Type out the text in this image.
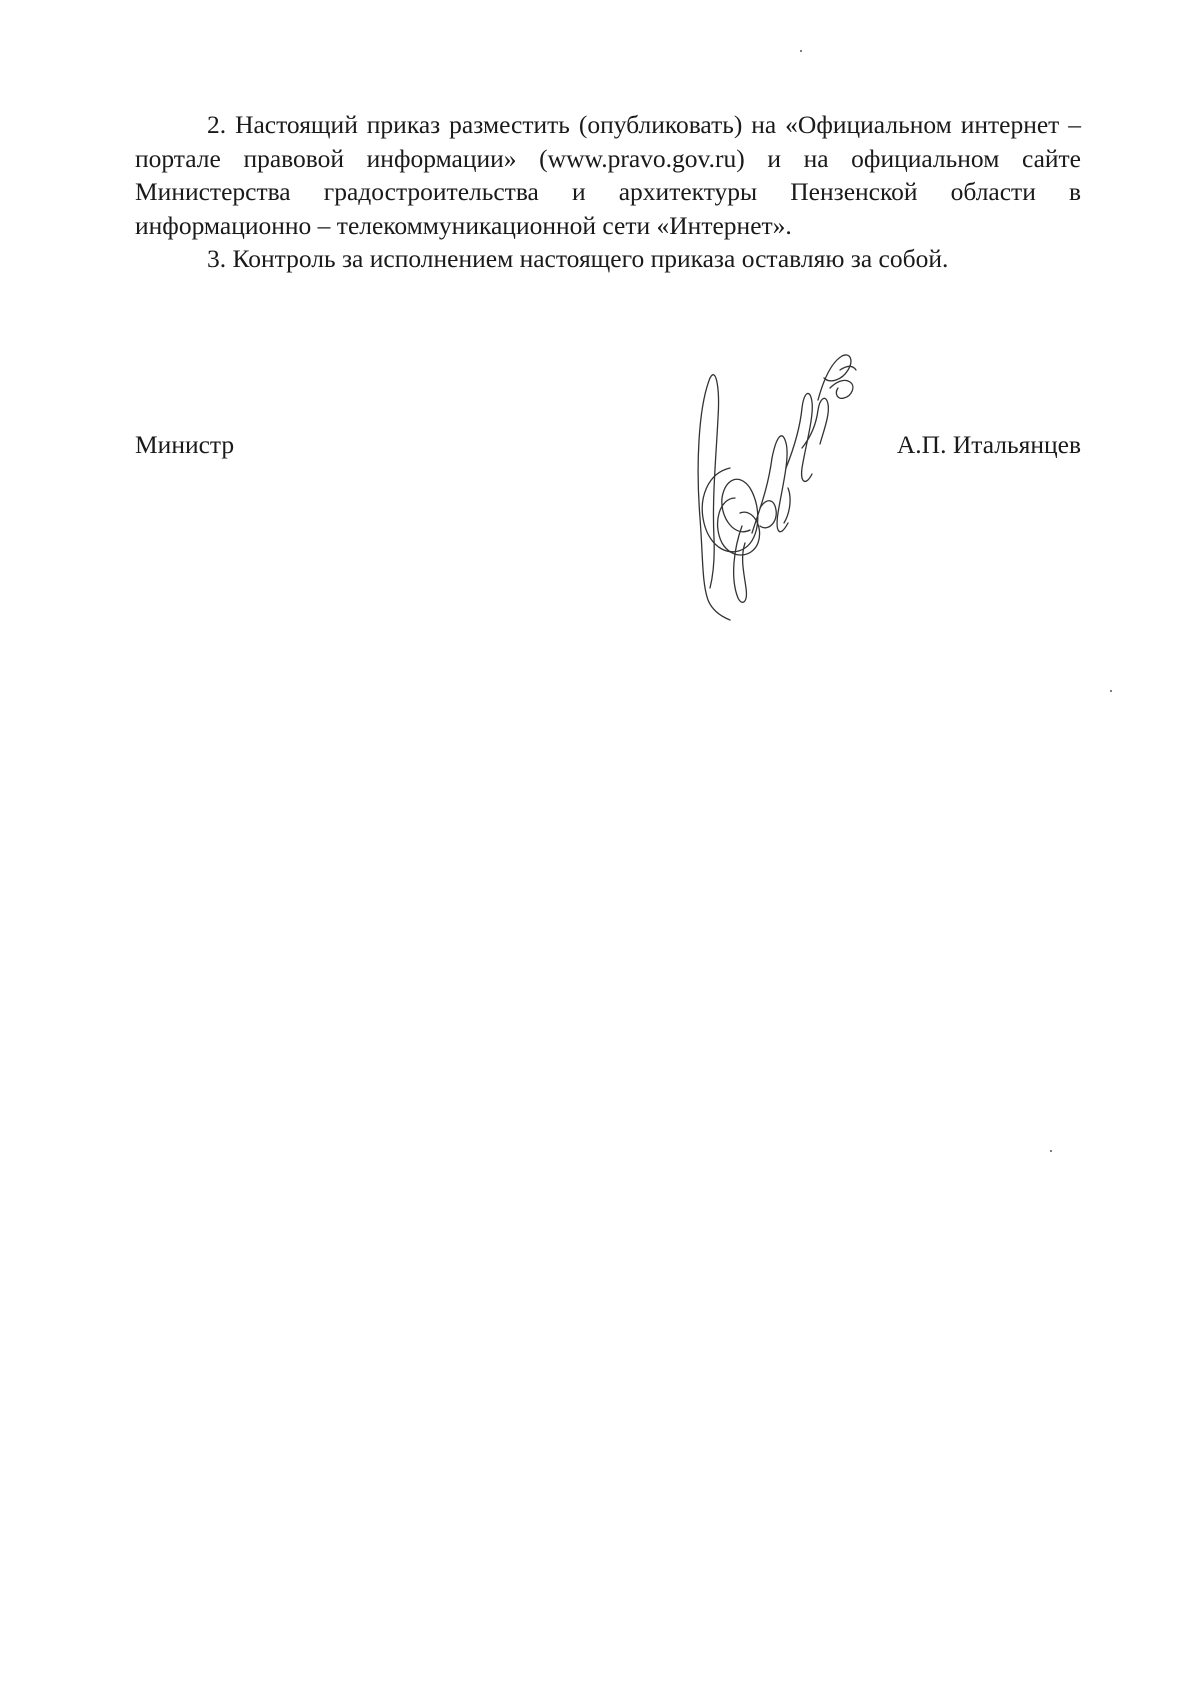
2. Настоящий приказ разместить (опубликовать) на «Официальном интернет – портале правовой информации» (www.pravo.gov.ru) и на официальном сайте Министерства градостроительства и архитектуры Пензенской области в информационно – телекоммуникационной сети «Интернет».

3. Контроль за исполнением настоящего приказа оставляю за собой.

Министр	А.П. Итальянцев
